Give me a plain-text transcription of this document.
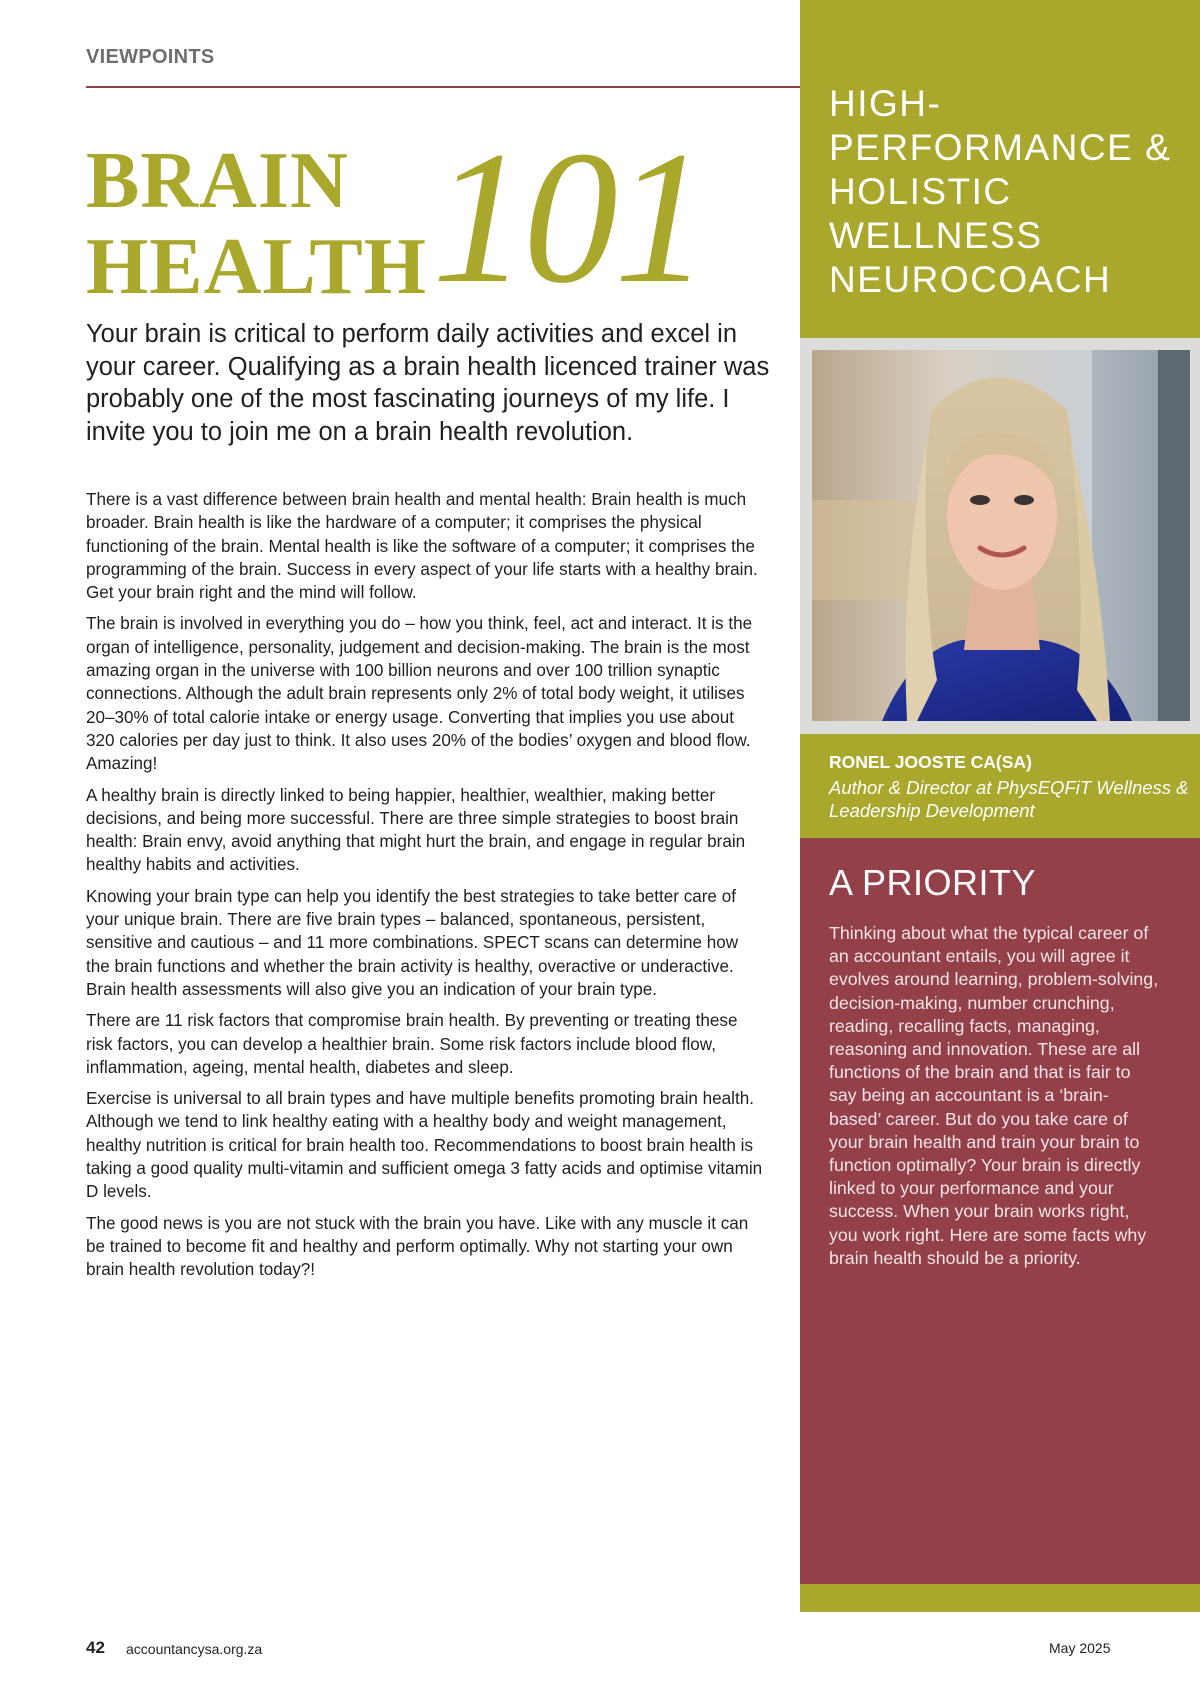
VIEWPOINTS
BRAIN
HEALTH 101

Your brain is critical to perform daily activities and excel in your career. Qualifying as a brain health licenced trainer was probably one of the most fascinating journeys of my life. I invite you to join me on a brain health revolution.

There is a vast difference between brain health and mental health: Brain health is much broader. Brain health is like the hardware of a computer; it comprises the physical functioning of the brain. Mental health is like the software of a computer; it comprises the programming of the brain. Success in every aspect of your life starts with a healthy brain. Get your brain right and the mind will follow.

The brain is involved in everything you do – how you think, feel, act and interact. It is the organ of intelligence, personality, judgement and decision-making. The brain is the most amazing organ in the universe with 100 billion neurons and over 100 trillion synaptic connections. Although the adult brain represents only 2% of total body weight, it utilises 20–30% of total calorie intake or energy usage. Converting that implies you use about 320 calories per day just to think. It also uses 20% of the bodies’ oxygen and blood flow. Amazing!

A healthy brain is directly linked to being happier, healthier, wealthier, making better decisions, and being more successful. There are three simple strategies to boost brain health: Brain envy, avoid anything that might hurt the brain, and engage in regular brain healthy habits and activities.

Knowing your brain type can help you identify the best strategies to take better care of your unique brain. There are five brain types – balanced, spontaneous, persistent, sensitive and cautious – and 11 more combinations. SPECT scans can determine how the brain functions and whether the brain activity is healthy, overactive or underactive. Brain health assessments will also give you an indication of your brain type.

There are 11 risk factors that compromise brain health. By preventing or treating these risk factors, you can develop a healthier brain. Some risk factors include blood flow, inflammation, ageing, mental health, diabetes and sleep.

Exercise is universal to all brain types and have multiple benefits promoting brain health. Although we tend to link healthy eating with a healthy body and weight management, healthy nutrition is critical for brain health too. Recommendations to boost brain health is taking a good quality multi-vitamin and sufficient omega 3 fatty acids and optimise vitamin D levels.

The good news is you are not stuck with the brain you have. Like with any muscle it can be trained to become fit and healthy and perform optimally. Why not starting your own brain health revolution today?!

HIGH-PERFORMANCE & HOLISTIC WELLNESS NEUROCOACH
RONEL JOOSTE CA(SA)
Author & Director at PhysEQFiT Wellness & Leadership Development
A PRIORITY

Thinking about what the typical career of an accountant entails, you will agree it evolves around learning, problem-solving, decision-making, number crunching, reading, recalling facts, managing, reasoning and innovation. These are all functions of the brain and that is fair to say being an accountant is a ‘brain-based’ career. But do you take care of your brain health and train your brain to function optimally? Your brain is directly linked to your performance and your success. When your brain works right, you work right. Here are some facts why brain health should be a priority.

42 accountancysa.org.za	May 2025
